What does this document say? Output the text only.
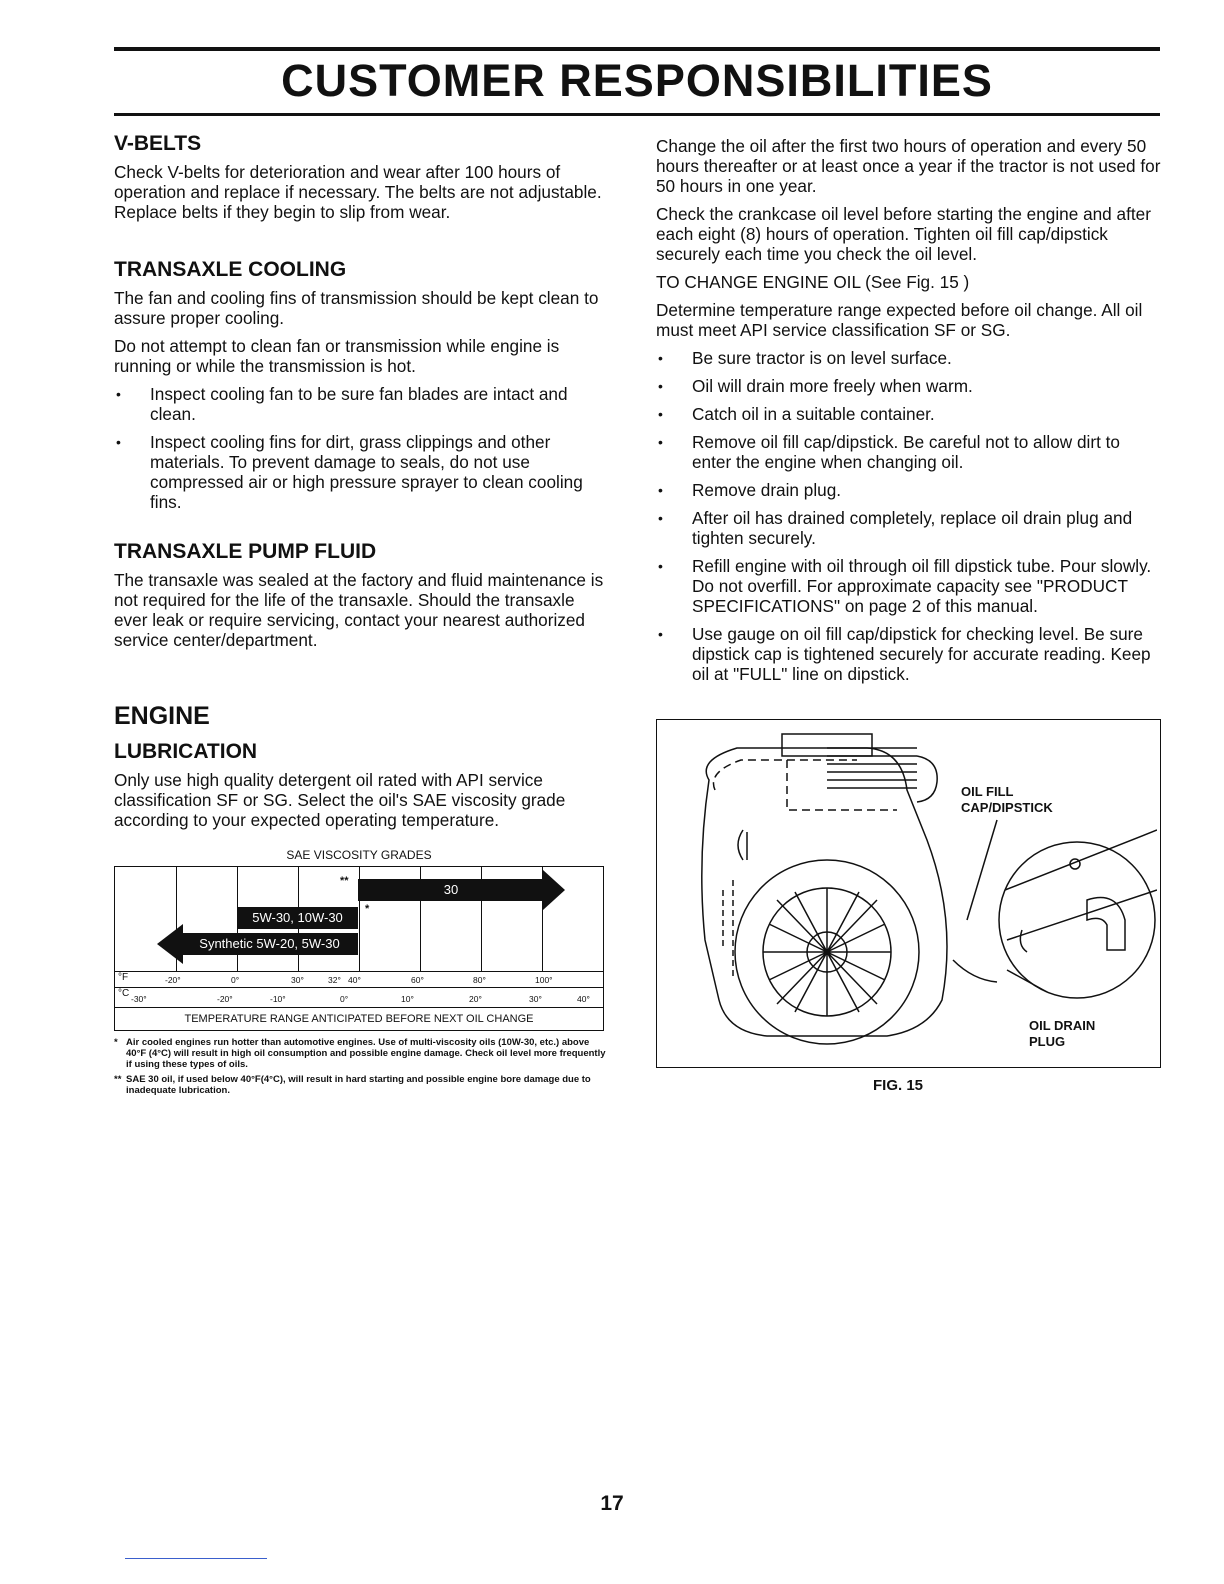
CUSTOMER RESPONSIBILITIES
V-BELTS

Check V-belts for deterioration and wear after 100 hours of operation and replace if necessary. The belts are not adjustable. Replace belts if they begin to slip from wear.

TRANSAXLE COOLING

The fan and cooling fins of transmission should be kept clean to assure proper cooling.

Do not attempt to clean fan or transmission while engine is running or while the transmission is hot.

• Inspect cooling fan to be sure fan blades are intact and clean.
• Inspect cooling fins for dirt, grass clippings and other materials. To prevent damage to seals, do not use compressed air or high pressure sprayer to clean cooling fins.
TRANSAXLE PUMP FLUID

The transaxle was sealed at the factory and fluid maintenance is not required for the life of the transaxle. Should the transaxle ever leak or require servicing, contact your nearest authorized service center/department.

ENGINE
LUBRICATION

Only use high quality detergent oil rated with API service classification SF or SG. Select the oil's SAE viscosity grade according to your expected operating temperature.

SAE VISCOSITY GRADES
**
30
5W-30, 10W-30
*
Synthetic 5W-20, 5W-30
°F	-20°	0°	30°	32° 40°	60°	80°	100°
°C -30°	-20°	-10°	0°	10°	20°	30°	40°
TEMPERATURE RANGE ANTICIPATED BEFORE NEXT OIL CHANGE
* Air cooled engines run hotter than automotive engines. Use of multi-viscosity oils (10W-30, etc.) above 40°F (4°C) will result in high oil consumption and possible engine damage. Check oil level more frequently if using these types of oils.
** SAE 30 oil, if used below 40°F(4°C), will result in hard starting and possible engine bore damage due to inadequate lubrication.

Change the oil after the first two hours of operation and every 50 hours thereafter or at least once a year if the tractor is not used for 50 hours in one year.

Check the crankcase oil level before starting the engine and after each eight (8) hours of operation. Tighten oil fill cap/dipstick securely each time you check the oil level.

TO CHANGE ENGINE OIL (See Fig. 15 )

Determine temperature range expected before oil change. All oil must meet API service classification SF or SG.

• Be sure tractor is on level surface.
• Oil will drain more freely when warm.
• Catch oil in a suitable container.
• Remove oil fill cap/dipstick. Be careful not to allow dirt to enter the engine when changing oil.
• Remove drain plug.
• After oil has drained completely, replace oil drain plug and tighten securely.
• Refill engine with oil through oil fill dipstick tube. Pour slowly. Do not overfill. For approximate capacity see "PRODUCT SPECIFICATIONS" on page 2 of this manual.
• Use gauge on oil fill cap/dipstick for checking level. Be sure dipstick cap is tightened securely for accurate reading. Keep oil at "FULL" line on dipstick.
OIL FILL
CAP/DIPSTICK
OIL DRAIN
PLUG
FIG. 15
17
